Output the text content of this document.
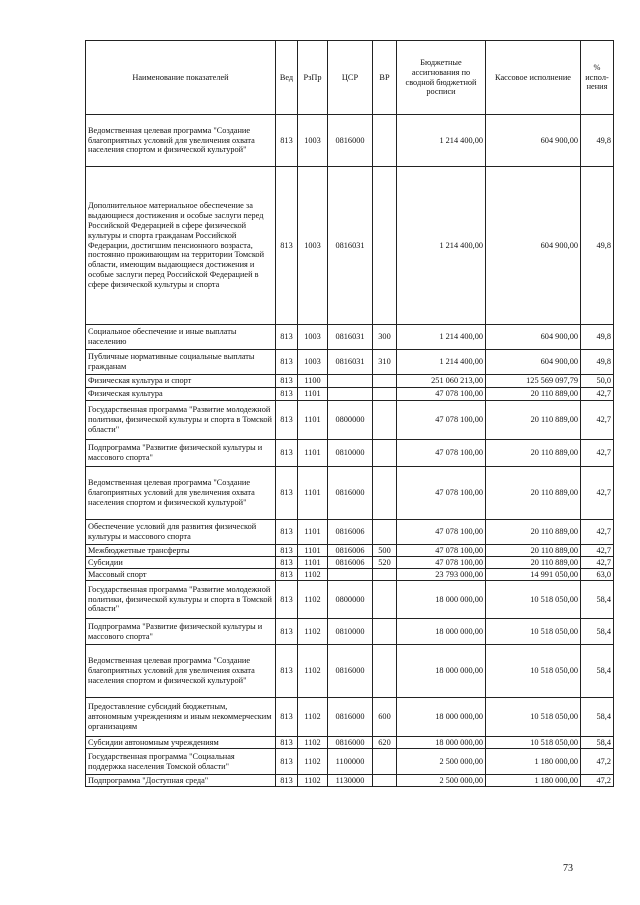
Наименование показателей	Вед	РзПр	ЦСР	ВР	Бюджетные ассигнования по сводной бюджетной росписи	Кассовое исполнение	% испол-нения
Ведомственная целевая программа "Создание благоприятных условий для увеличения охвата населения спортом и физической культурой"	813	1003	0816000		1 214 400,00	604 900,00	49,8
Дополнительное материальное обеспечение за выдающиеся достижения и особые заслуги перед Российской Федерацией в сфере физической культуры и спорта гражданам Российской Федерации, достигшим пенсионного возраста, постоянно проживающим на территории Томской области, имеющим выдающиеся достижения и особые заслуги перед Российской Федерацией в сфере физической культуры и спорта	813	1003	0816031		1 214 400,00	604 900,00	49,8
Социальное обеспечение и иные выплаты населению	813	1003	0816031	300	1 214 400,00	604 900,00	49,8
Публичные нормативные социальные выплаты гражданам	813	1003	0816031	310	1 214 400,00	604 900,00	49,8
Физическая культура и спорт	813	1100			251 060 213,00	125 569 097,79	50,0
Физическая культура	813	1101			47 078 100,00	20 110 889,00	42,7
Государственная программа "Развитие молодежной политики, физической культуры и спорта в Томской области"	813	1101	0800000		47 078 100,00	20 110 889,00	42,7
Подпрограмма "Развитие физической культуры и массового спорта"	813	1101	0810000		47 078 100,00	20 110 889,00	42,7
Ведомственная целевая программа "Создание благоприятных условий для увеличения охвата населения спортом и физической культурой"	813	1101	0816000		47 078 100,00	20 110 889,00	42,7
Обеспечение условий для развития физической культуры и массового спорта	813	1101	0816006		47 078 100,00	20 110 889,00	42,7
Межбюджетные трансферты	813	1101	0816006	500	47 078 100,00	20 110 889,00	42,7
Субсидии	813	1101	0816006	520	47 078 100,00	20 110 889,00	42,7
Массовый спорт	813	1102			23 793 000,00	14 991 050,00	63,0
Государственная программа "Развитие молодежной политики, физической культуры и спорта в Томской области"	813	1102	0800000		18 000 000,00	10 518 050,00	58,4
Подпрограмма "Развитие физической культуры и массового спорта"	813	1102	0810000		18 000 000,00	10 518 050,00	58,4
Ведомственная целевая программа "Создание благоприятных условий для увеличения охвата населения спортом и физической культурой"	813	1102	0816000		18 000 000,00	10 518 050,00	58,4
Предоставление субсидий бюджетным, автономным учреждениям и иным некоммерческим организациям	813	1102	0816000	600	18 000 000,00	10 518 050,00	58,4
Субсидии автономным учреждениям	813	1102	0816000	620	18 000 000,00	10 518 050,00	58,4
Государственная программа "Социальная поддержка населения Томской области"	813	1102	1100000		2 500 000,00	1 180 000,00	47,2
Подпрограмма "Доступная среда"	813	1102	1130000		2 500 000,00	1 180 000,00	47,2
73
